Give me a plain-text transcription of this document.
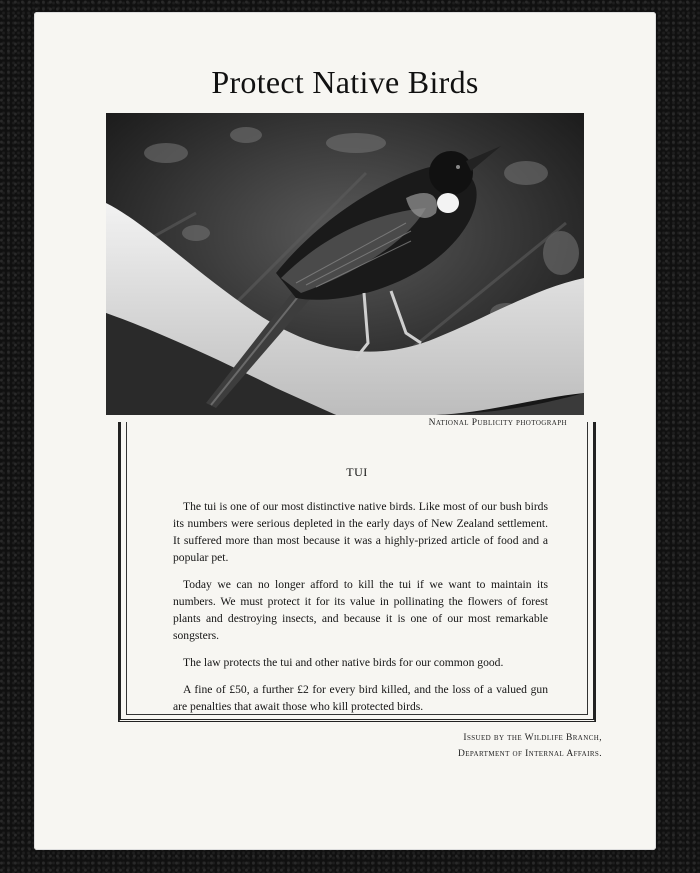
Protect Native Birds
National Publicity photograph
TUI

The tui is one of our most distinctive native birds. Like most of our bush birds its numbers were serious depleted in the early days of New Zealand settlement. It suffered more than most because it was a highly-prized article of food and a popular pet.

Today we can no longer afford to kill the tui if we want to maintain its numbers. We must protect it for its value in pollinating the flowers of forest plants and destroying insects, and because it is one of our most remarkable songsters.

The law protects the tui and other native birds for our common good.

A fine of £50, a further £2 for every bird killed, and the loss of a valued gun are penalties that await those who kill protected birds.

Issued by the Wildlife Branch,
Department of Internal Affairs.
